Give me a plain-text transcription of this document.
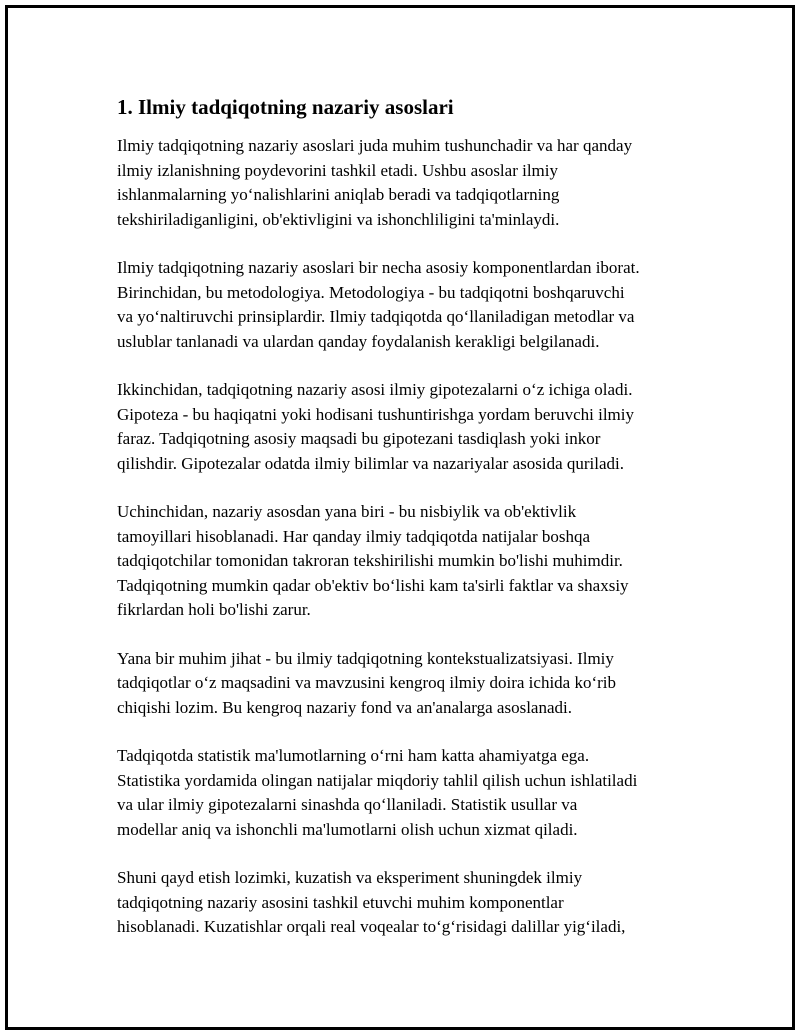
1. Ilmiy tadqiqotning nazariy asoslari

Ilmiy tadqiqotning nazariy asoslari juda muhim tushunchadir va har qanday
ilmiy izlanishning poydevorini tashkil etadi. Ushbu asoslar ilmiy
ishlanmalarning yo‘nalishlarini aniqlab beradi va tadqiqotlarning
tekshiriladiganligini, ob'ektivligini va ishonchliligini ta'minlaydi.

Ilmiy tadqiqotning nazariy asoslari bir necha asosiy komponentlardan iborat.
Birinchidan, bu metodologiya. Metodologiya - bu tadqiqotni boshqaruvchi
va yo‘naltiruvchi prinsiplardir. Ilmiy tadqiqotda qo‘llaniladigan metodlar va
uslublar tanlanadi va ulardan qanday foydalanish kerakligi belgilanadi.

Ikkinchidan, tadqiqotning nazariy asosi ilmiy gipotezalarni o‘z ichiga oladi.
Gipoteza - bu haqiqatni yoki hodisani tushuntirishga yordam beruvchi ilmiy
faraz. Tadqiqotning asosiy maqsadi bu gipotezani tasdiqlash yoki inkor
qilishdir. Gipotezalar odatda ilmiy bilimlar va nazariyalar asosida quriladi.

Uchinchidan, nazariy asosdan yana biri - bu nisbiylik va ob'ektivlik
tamoyillari hisoblanadi. Har qanday ilmiy tadqiqotda natijalar boshqa
tadqiqotchilar tomonidan takroran tekshirilishi mumkin bo'lishi muhimdir.
Tadqiqotning mumkin qadar ob'ektiv bo‘lishi kam ta'sirli faktlar va shaxsiy
fikrlardan holi bo'lishi zarur.

Yana bir muhim jihat - bu ilmiy tadqiqotning kontekstualizatsiyasi. Ilmiy
tadqiqotlar o‘z maqsadini va mavzusini kengroq ilmiy doira ichida ko‘rib
chiqishi lozim. Bu kengroq nazariy fond va an'analarga asoslanadi.

Tadqiqotda statistik ma'lumotlarning o‘rni ham katta ahamiyatga ega.
Statistika yordamida olingan natijalar miqdoriy tahlil qilish uchun ishlatiladi
va ular ilmiy gipotezalarni sinashda qo‘llaniladi. Statistik usullar va
modellar aniq va ishonchli ma'lumotlarni olish uchun xizmat qiladi.

Shuni qayd etish lozimki, kuzatish va eksperiment shuningdek ilmiy
tadqiqotning nazariy asosini tashkil etuvchi muhim komponentlar
hisoblanadi. Kuzatishlar orqali real voqealar to‘g‘risidagi dalillar yig‘iladi,
